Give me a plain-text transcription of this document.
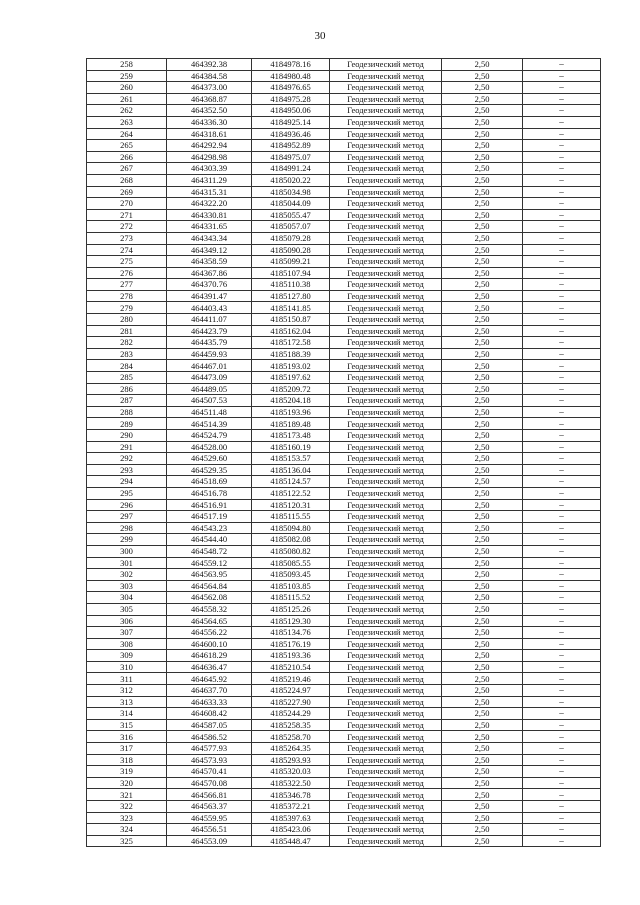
30
258	464392.38	4184978.16	Геодезический метод	2,50	–
259	464384.58	4184980.48	Геодезический метод	2,50	–
260	464373.00	4184976.65	Геодезический метод	2,50	–
261	464368.87	4184975.28	Геодезический метод	2,50	–
262	464352.50	4184950.06	Геодезический метод	2,50	–
263	464336.30	4184925.14	Геодезический метод	2,50	–
264	464318.61	4184936.46	Геодезический метод	2,50	–
265	464292.94	4184952.89	Геодезический метод	2,50	–
266	464298.98	4184975.07	Геодезический метод	2,50	–
267	464303.39	4184991.24	Геодезический метод	2,50	–
268	464311.29	4185020.22	Геодезический метод	2,50	–
269	464315.31	4185034.98	Геодезический метод	2,50	–
270	464322.20	4185044.09	Геодезический метод	2,50	–
271	464330.81	4185055.47	Геодезический метод	2,50	–
272	464331.65	4185057.07	Геодезический метод	2,50	–
273	464343.34	4185079.28	Геодезический метод	2,50	–
274	464349.12	4185090.28	Геодезический метод	2,50	–
275	464358.59	4185099.21	Геодезический метод	2,50	–
276	464367.86	4185107.94	Геодезический метод	2,50	–
277	464370.76	4185110.38	Геодезический метод	2,50	–
278	464391.47	4185127.80	Геодезический метод	2,50	–
279	464403.43	4185141.85	Геодезический метод	2,50	–
280	464411.07	4185150.87	Геодезический метод	2,50	–
281	464423.79	4185162.04	Геодезический метод	2,50	–
282	464435.79	4185172.58	Геодезический метод	2,50	–
283	464459.93	4185188.39	Геодезический метод	2,50	–
284	464467.01	4185193.02	Геодезический метод	2,50	–
285	464473.09	4185197.62	Геодезический метод	2,50	–
286	464489.05	4185209.72	Геодезический метод	2,50	–
287	464507.53	4185204.18	Геодезический метод	2,50	–
288	464511.48	4185193.96	Геодезический метод	2,50	–
289	464514.39	4185189.48	Геодезический метод	2,50	–
290	464524.79	4185173.48	Геодезический метод	2,50	–
291	464528.00	4185160.19	Геодезический метод	2,50	–
292	464529.60	4185153.57	Геодезический метод	2,50	–
293	464529.35	4185136.04	Геодезический метод	2,50	–
294	464518.69	4185124.57	Геодезический метод	2,50	–
295	464516.78	4185122.52	Геодезический метод	2,50	–
296	464516.91	4185120.31	Геодезический метод	2,50	–
297	464517.19	4185115.55	Геодезический метод	2,50	–
298	464543.23	4185094.80	Геодезический метод	2,50	–
299	464544.40	4185082.08	Геодезический метод	2,50	–
300	464548.72	4185080.82	Геодезический метод	2,50	–
301	464559.12	4185085.55	Геодезический метод	2,50	–
302	464563.95	4185093.45	Геодезический метод	2,50	–
303	464564.84	4185103.85	Геодезический метод	2,50	–
304	464562.08	4185115.52	Геодезический метод	2,50	–
305	464558.32	4185125.26	Геодезический метод	2,50	–
306	464564.65	4185129.30	Геодезический метод	2,50	–
307	464556.22	4185134.76	Геодезический метод	2,50	–
308	464600.10	4185176.19	Геодезический метод	2,50	–
309	464618.29	4185193.36	Геодезический метод	2,50	–
310	464636.47	4185210.54	Геодезический метод	2,50	–
311	464645.92	4185219.46	Геодезический метод	2,50	–
312	464637.70	4185224.97	Геодезический метод	2,50	–
313	464633.33	4185227.90	Геодезический метод	2,50	–
314	464608.42	4185244.29	Геодезический метод	2,50	–
315	464587.05	4185258.35	Геодезический метод	2,50	–
316	464586.52	4185258.70	Геодезический метод	2,50	–
317	464577.93	4185264.35	Геодезический метод	2,50	–
318	464573.93	4185293.93	Геодезический метод	2,50	–
319	464570.41	4185320.03	Геодезический метод	2,50	–
320	464570.08	4185322.50	Геодезический метод	2,50	–
321	464566.81	4185346.78	Геодезический метод	2,50	–
322	464563.37	4185372.21	Геодезический метод	2,50	–
323	464559.95	4185397.63	Геодезический метод	2,50	–
324	464556.51	4185423.06	Геодезический метод	2,50	–
325	464553.09	4185448.47	Геодезический метод	2,50	–
